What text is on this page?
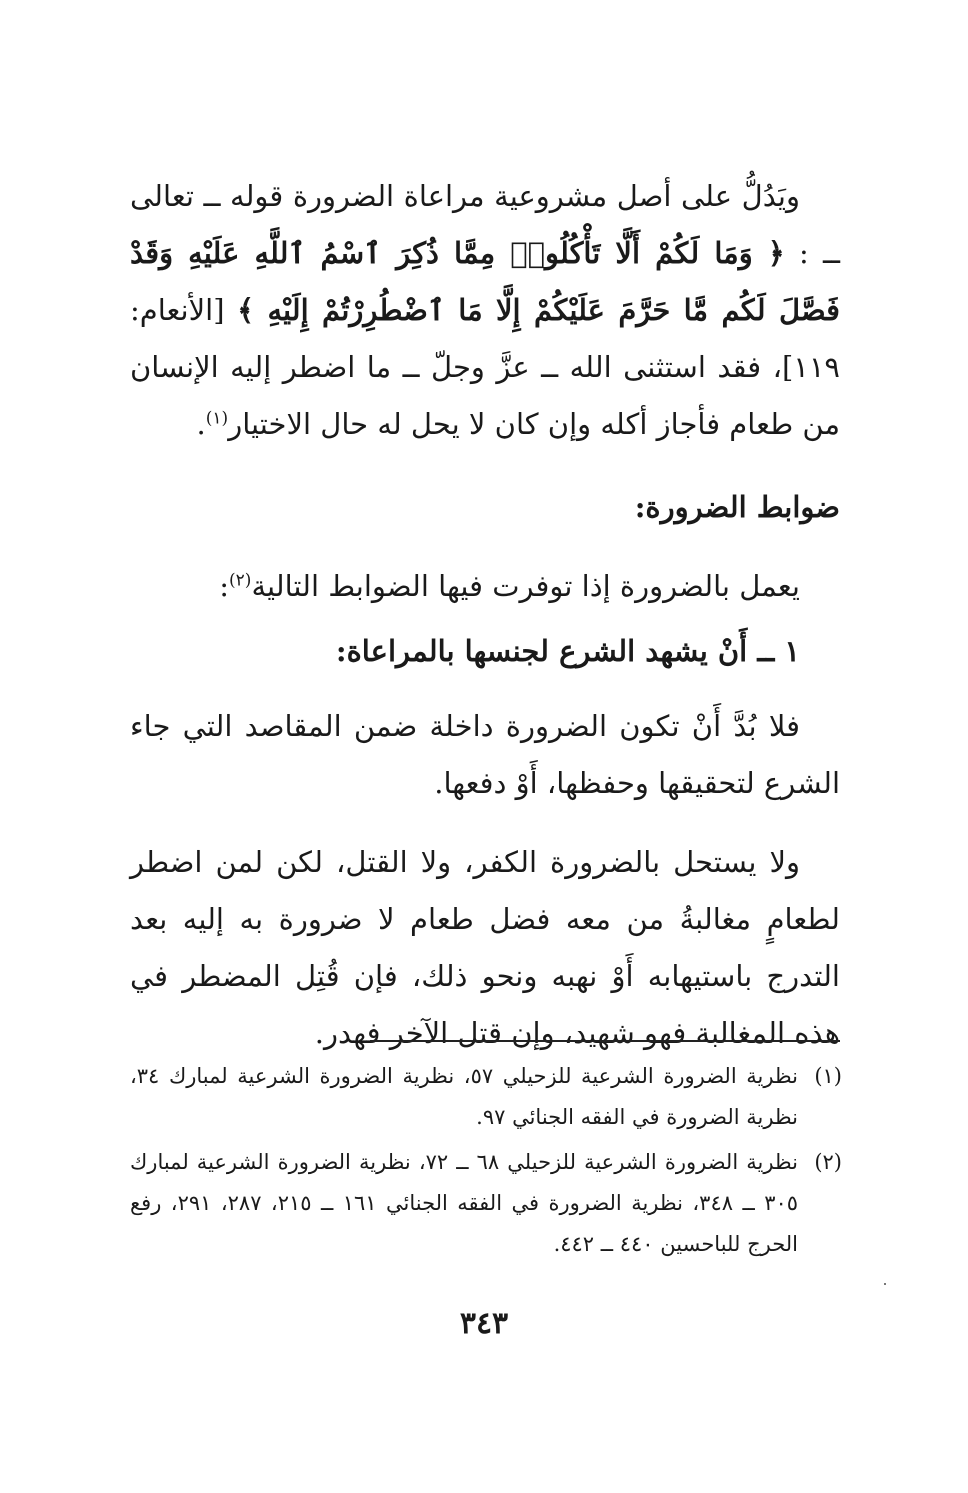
ويَدُلُّ على أصل مشروعية مراعاة الضرورة قوله ــ تعالى ــ : ﴿ وَمَا لَكُمْ أَلَّا تَأْكُلُوا۟ مِمَّا ذُكِرَ ٱسْمُ ٱللَّهِ عَلَيْهِ وَقَدْ فَصَّلَ لَكُم مَّا حَرَّمَ عَلَيْكُمْ إِلَّا مَا ٱضْطُرِرْتُمْ إِلَيْهِ ﴾ [الأنعام: ١١٩]، فقد استثنى الله ــ عزَّ وجلّ ــ ما اضطر إليه الإنسان من طعام فأجاز أكله وإن كان لا يحل له حال الاختيار$^{(١)}$.

ضوابط الضرورة:

يعمل بالضرورة إذا توفرت فيها الضوابط التالية$^{(٢)}$:

١ ــ أَنْ يشهد الشرع لجنسها بالمراعاة:

فلا بُدَّ أَنْ تكون الضرورة داخلة ضمن المقاصد التي جاء الشرع لتحقيقها وحفظها، أَوْ دفعها.

ولا يستحل بالضرورة الكفر، ولا القتل، لكن لمن اضطر لطعامٍ مغالبةُ من معه فضل طعام لا ضرورة به إليه بعد التدرج باستيهابه أَوْ نهبه ونحو ذلك، فإن قُتِل المضطر في هذه المغالبة فهو شهيد، وإن قتل الآخر فهدر.

(١)
نظرية الضرورة الشرعية للزحيلي ٥٧، نظرية الضرورة الشرعية لمبارك ٣٤، نظرية الضرورة في الفقه الجنائي ٩٧.
(٢)
نظرية الضرورة الشرعية للزحيلي ٦٨ ــ ٧٢، نظرية الضرورة الشرعية لمبارك ٣٠٥ ــ ٣٤٨، نظرية الضرورة في الفقه الجنائي ١٦١ ــ ٢١٥، ٢٨٧، ٢٩١، رفع الحرج للباحسين ٤٤٠ ــ ٤٤٢.
٣٤٣
